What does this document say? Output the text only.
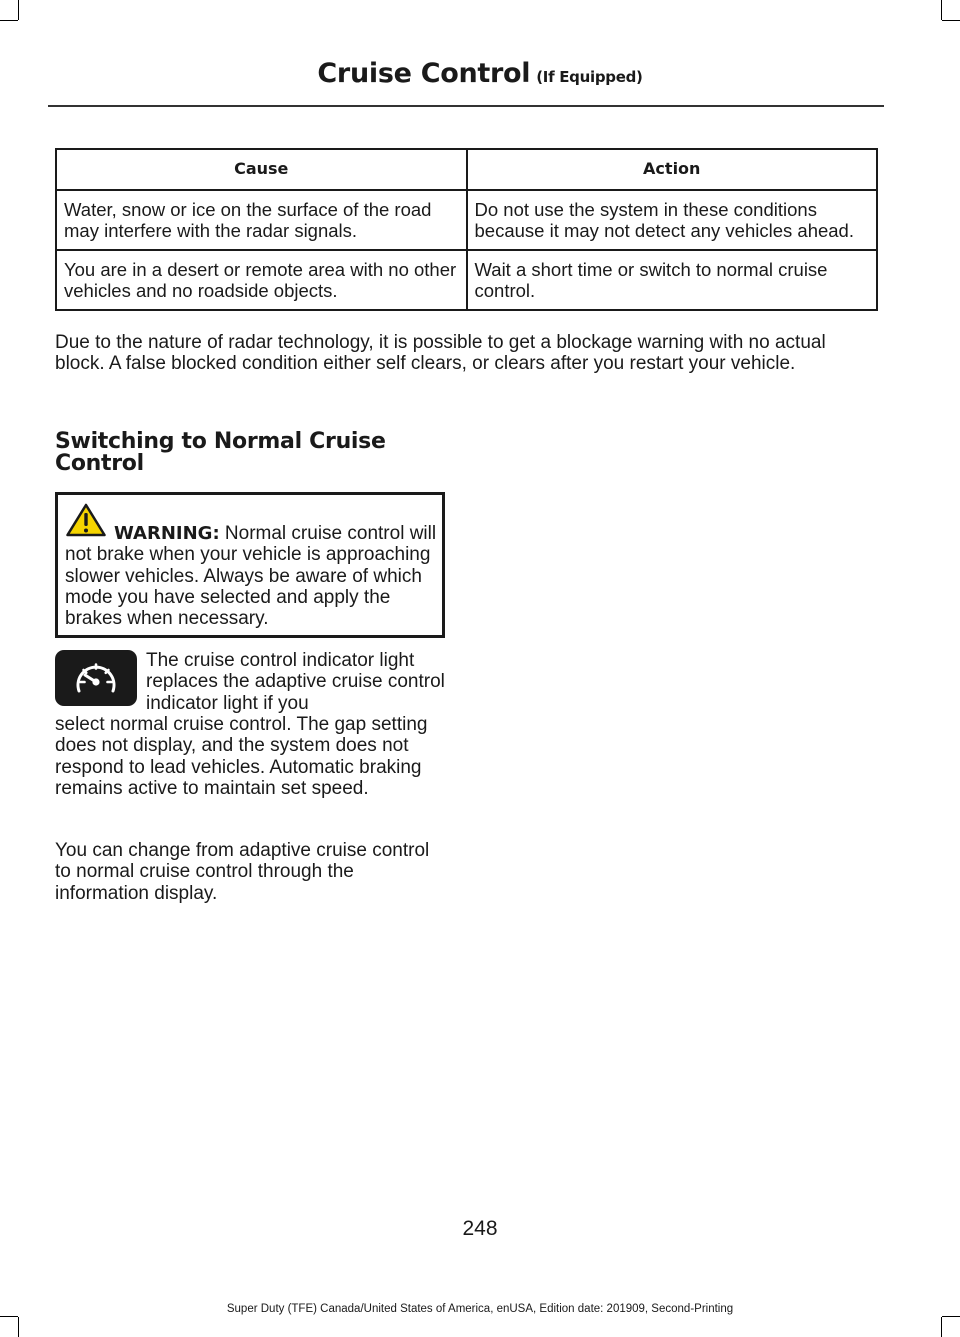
Cruise Control (If Equipped)
Cause	Action
Water, snow or ice on the surface of the road may interfere with the radar signals.	Do not use the system in these conditions because it may not detect any vehicles ahead.
You are in a desert or remote area with no other vehicles and no roadside objects.	Wait a short time or switch to normal cruise control.

Due to the nature of radar technology, it is possible to get a blockage warning with no actual block. A false blocked condition either self clears, or clears after you restart your vehicle.

Switching to Normal Cruise Control

WARNING: Normal cruise control will not brake when your vehicle is approaching slower vehicles. Always be aware of which mode you have selected and apply the brakes when necessary.

The cruise control indicator light replaces the adaptive cruise control indicator light if you

select normal cruise control. The gap setting does not display, and the system does not respond to lead vehicles. Automatic braking remains active to maintain set speed.

You can change from adaptive cruise control to normal cruise control through the information display.

248
Super Duty (TFE) Canada/United States of America, enUSA, Edition date: 201909, Second-Printing
